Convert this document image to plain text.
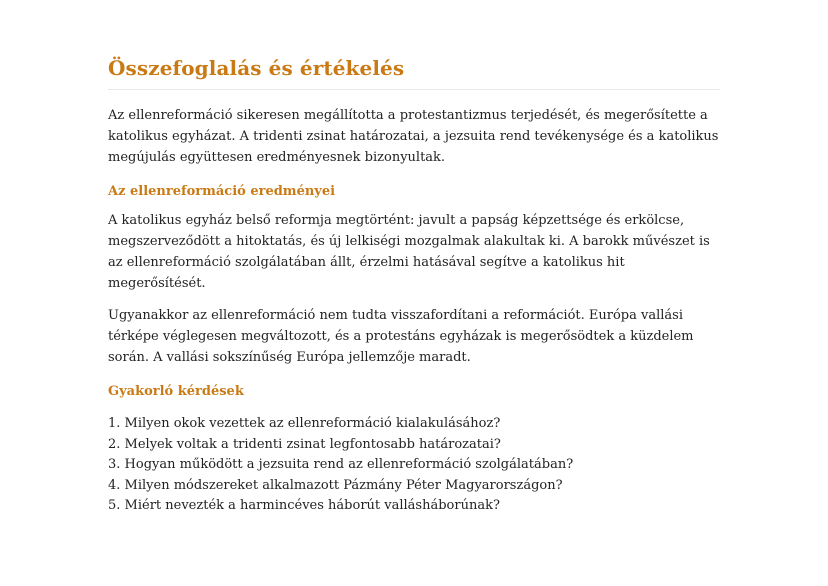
Összefoglalás és értékelés

Az ellenreformáció sikeresen megállította a protestantizmus terjedését, és megerősítette a katolikus egyházat. A tridenti zsinat határozatai, a jezsuita rend tevékenysége és a katolikus megújulás együttesen eredményesnek bizonyultak.

Az ellenreformáció eredményei

A katolikus egyház belső reformja megtörtént: javult a papság képzettsége és erkölcse, megszerveződött a hitoktatás, és új lelkiségi mozgalmak alakultak ki. A barokk művészet is az ellenreformáció szolgálatában állt, érzelmi hatásával segítve a katolikus hit megerősítését.

Ugyanakkor az ellenreformáció nem tudta visszafordítani a reformációt. Európa vallási térképe véglegesen megváltozott, és a protestáns egyházak is megerősödtek a küzdelem során. A vallási sokszínűség Európa jellemzője maradt.

Gyakorló kérdések
1. Milyen okok vezettek az ellenreformáció kialakulásához?
2. Melyek voltak a tridenti zsinat legfontosabb határozatai?
3. Hogyan működött a jezsuita rend az ellenreformáció szolgálatában?
4. Milyen módszereket alkalmazott Pázmány Péter Magyarországon?
5. Miért nevezték a harmincéves háborút vallásháborúnak?
